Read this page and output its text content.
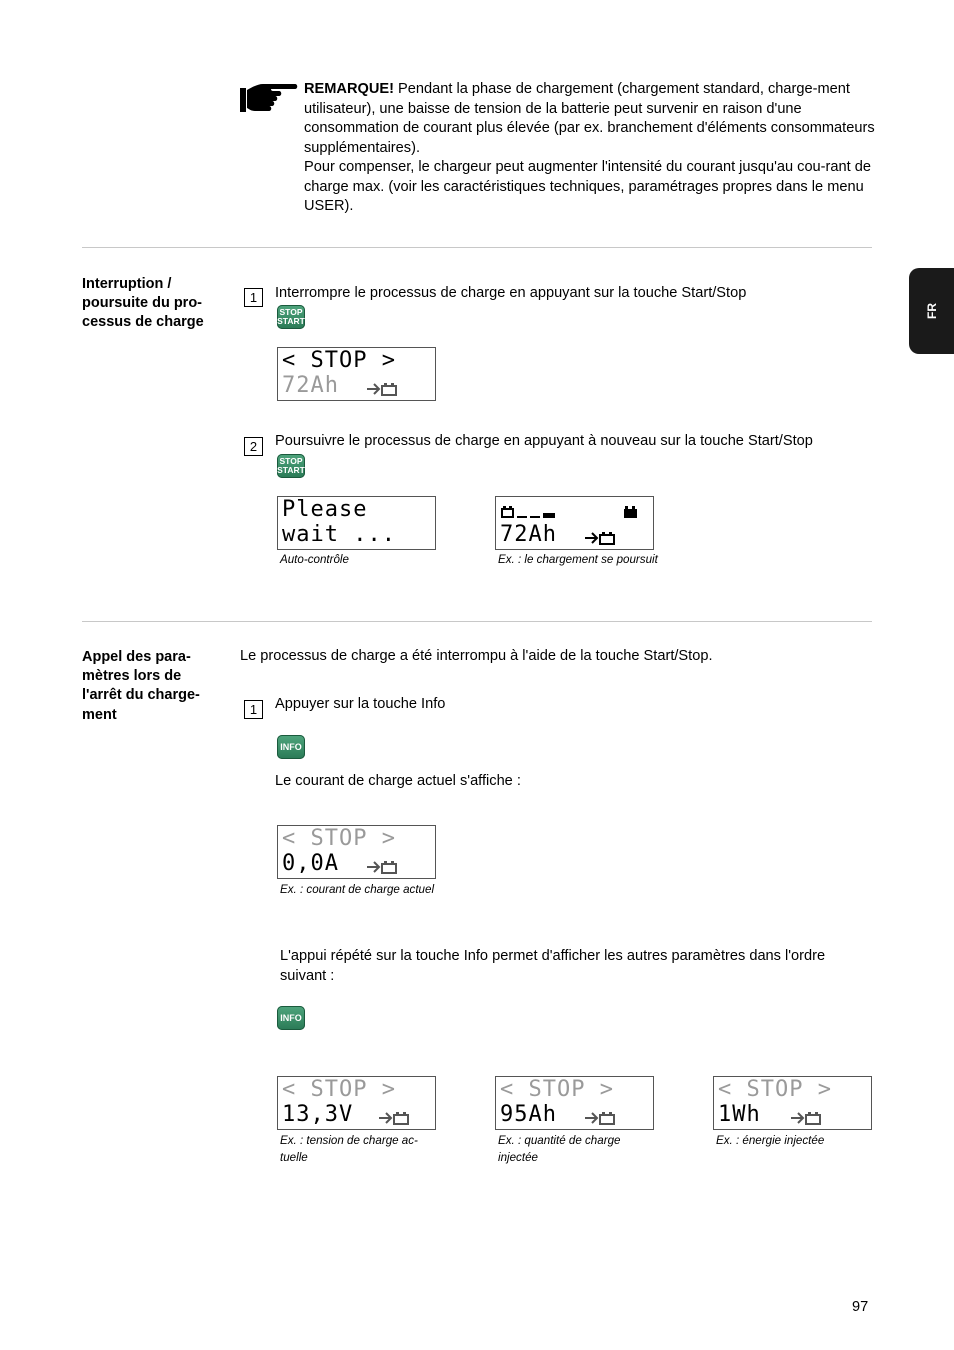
REMARQUE! Pendant la phase de chargement (chargement standard, charge-ment utilisateur), une baisse de tension de la batterie peut survenir en raison d'une consommation de courant plus élevée (par ex. branchement d'éléments consommateurs supplémentaires).
Pour compenser, le chargeur peut augmenter l'intensité du courant jusqu'au cou-rant de charge max. (voir les caractéristiques techniques, paramétrages propres dans le menu USER).
FR
Interruption / poursuite du pro-cessus de charge
1	Interrompre le processus de charge en appuyant sur la touche Start/Stop
STOP
START
< STOP >
72Ah
2	Poursuivre le processus de charge en appuyant à nouveau sur la touche Start/Stop
STOP
START
Please
wait ...
Auto-contrôle
72Ah
Ex. : le chargement se poursuit
Appel des para-mètres lors de l'arrêt du charge-ment
Le processus de charge a été interrompu à l'aide de la touche Start/Stop.
1	Appuyer sur la touche Info
INFO
Le courant de charge actuel s'affiche :
< STOP >
0,0A
Ex. : courant de charge actuel
L'appui répété sur la touche Info permet d'afficher les autres paramètres dans l'ordre suivant :
INFO
< STOP >
13,3V
Ex. : tension de charge ac-tuelle
< STOP >
95Ah
Ex. : quantité de charge injectée
< STOP >
1Wh
Ex. : énergie injectée
97
